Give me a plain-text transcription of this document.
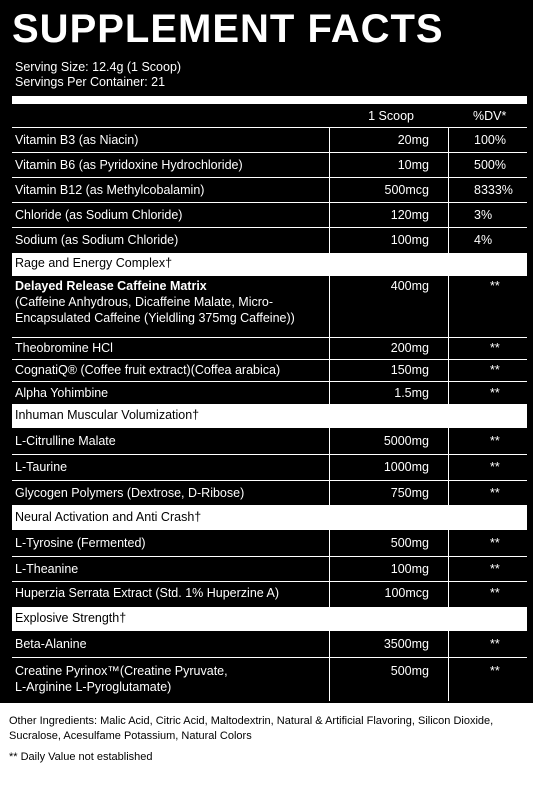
SUPPLEMENT FACTS
Serving Size: 12.4g (1 Scoop)
Servings Per Container: 21
1 Scoop	%DV*
Vitamin B3 (as Niacin)	20mg	100%
Vitamin B6 (as Pyridoxine Hydrochloride)	10mg	500%
Vitamin B12 (as Methylcobalamin)	500mcg	8333%
Chloride (as Sodium Chloride)	120mg	3%
Sodium (as Sodium Chloride)	100mg	4%
Rage and Energy Complex†
Delayed Release Caffeine Matrix
(Caffeine Anhydrous, Dicaffeine Malate, Micro-
Encapsulated Caffeine (Yieldling 375mg Caffeine))
400mg	**
Theobromine HCl	200mg	**
CognatiQ® (Coffee fruit extract)(Coffea arabica)	150mg	**
Alpha Yohimbine	1.5mg	**
Inhuman Muscular Volumization†
L-Citrulline Malate	5000mg	**
L-Taurine	1000mg	**
Glycogen Polymers (Dextrose, D-Ribose)	750mg	**
Neural Activation and Anti Crash†
L-Tyrosine (Fermented)	500mg	**
L-Theanine	100mg	**
Huperzia Serrata Extract (Std. 1% Huperzine A)	100mcg	**
Explosive Strength†
Beta-Alanine	3500mg	**
Creatine Pyrinox™(Creatine Pyruvate,
L-Arginine L-Pyroglutamate)
500mg	**
Other Ingredients: Malic Acid, Citric Acid, Maltodextrin, Natural & Artificial Flavoring, Silicon Dioxide,
Sucralose, Acesulfame Potassium, Natural Colors
** Daily Value not established
